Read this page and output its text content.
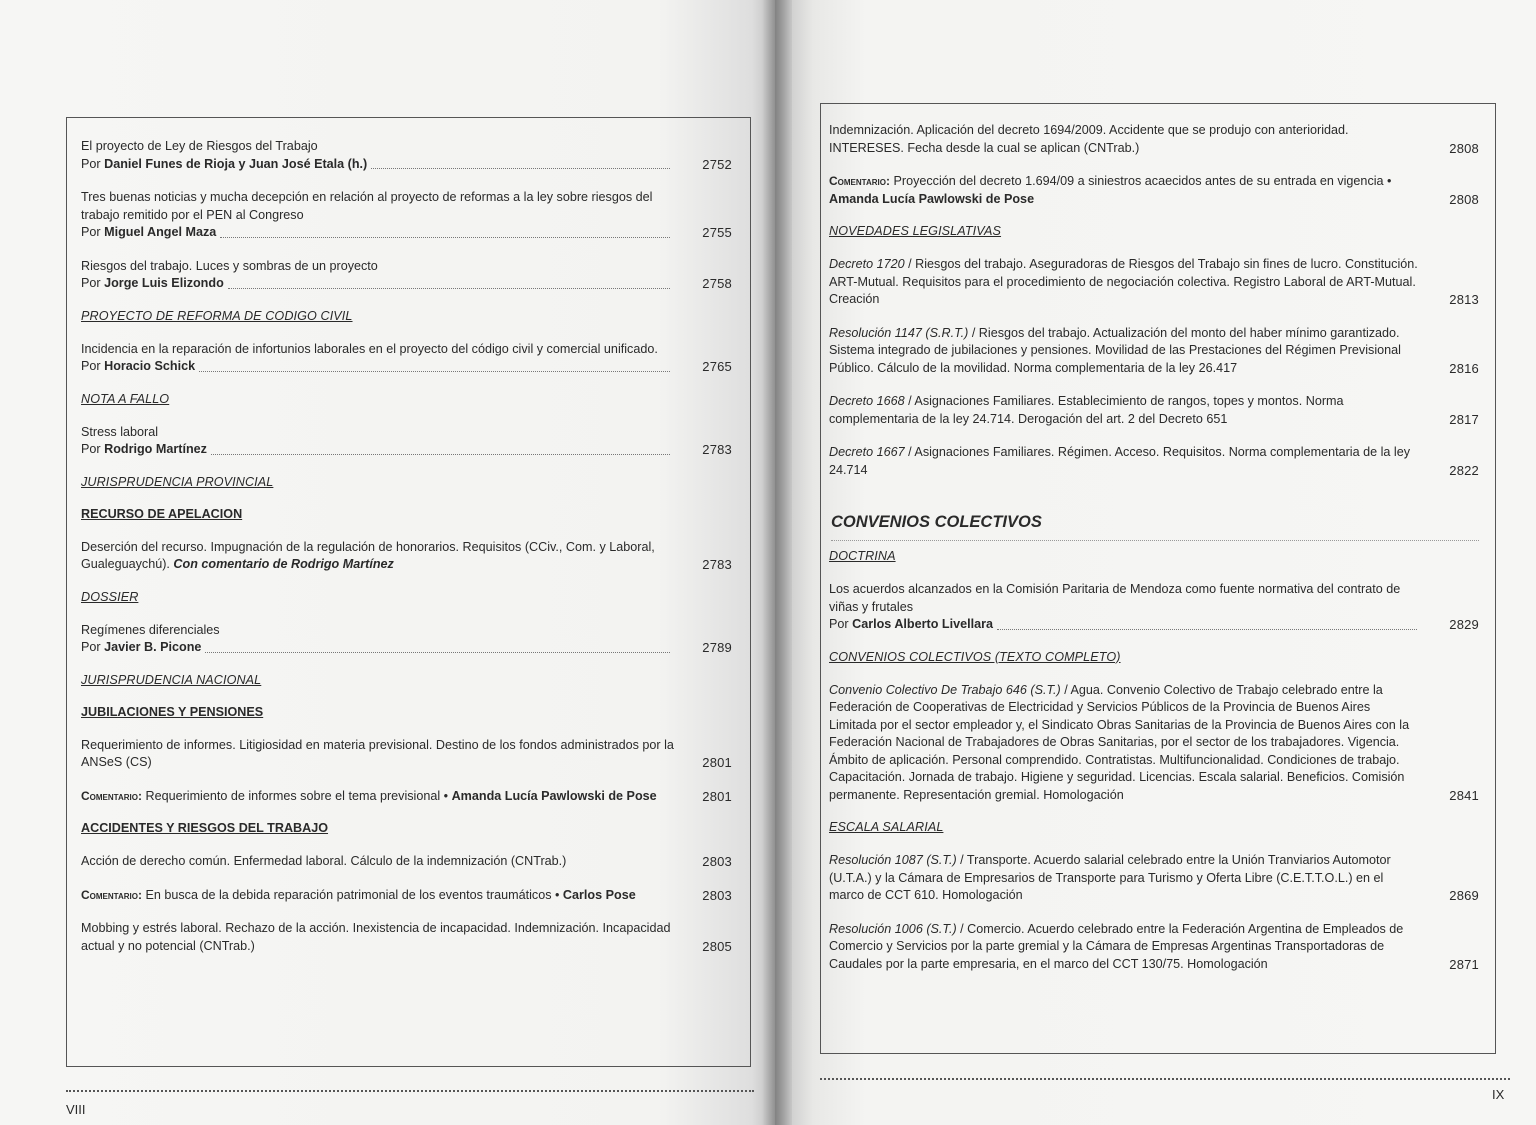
El proyecto de Ley de Riesgos del Trabajo
Por
Daniel Funes de Rioja y Juan José Etala (h.)	2752
Tres buenas noticias y mucha decepción en relación al proyecto de reformas a la ley sobre riesgos del trabajo remitido por el PEN al Congreso
Por
Miguel Angel Maza	2755
Riesgos del trabajo. Luces y sombras de un proyecto
Por
Jorge Luis Elizondo	2758
PROYECTO DE REFORMA DE CODIGO CIVIL
Incidencia en la reparación de infortunios laborales en el proyecto del código civil y comercial unificado.
Por
Horacio Schick	2765
NOTA A FALLO
Stress laboral
Por
Rodrigo Martínez	2783
JURISPRUDENCIA PROVINCIAL
RECURSO DE APELACION
Deserción del recurso. Impugnación de la regulación de honorarios. Requisitos (CCiv., Com. y Laboral, Gualeguaychú). Con comentario de Rodrigo Martínez	2783
DOSSIER
Regímenes diferenciales
Por
Javier B. Picone	2789
JURISPRUDENCIA NACIONAL
JUBILACIONES Y PENSIONES
Requerimiento de informes. Litigiosidad en materia previsional. Destino de los fondos administrados por la ANSeS (CS)	2801
Comentario: Requerimiento de informes sobre el tema previsional • Amanda Lucía Pawlowski de Pose	2801
ACCIDENTES Y RIESGOS DEL TRABAJO
Acción de derecho común. Enfermedad laboral. Cálculo de la indemnización (CNTrab.)	2803
Comentario: En busca de la debida reparación patrimonial de los eventos traumáticos • Carlos Pose	2803
Mobbing y estrés laboral. Rechazo de la acción. Inexistencia de incapacidad. Indemnización. Incapacidad actual y no potencial (CNTrab.)	2805
VIII
Indemnización. Aplicación del decreto 1694/2009. Accidente que se produjo con anterioridad. INTERESES. Fecha desde la cual se aplican (CNTrab.)	2808
Comentario: Proyección del decreto 1.694/09 a siniestros acaecidos antes de su entrada en vigencia • Amanda Lucía Pawlowski de Pose	2808
NOVEDADES LEGISLATIVAS
Decreto 1720 / Riesgos del trabajo. Aseguradoras de Riesgos del Trabajo sin fines de lucro. Constitución. ART-Mutual. Requisitos para el procedimiento de negociación colectiva. Registro Laboral de ART-Mutual. Creación	2813
Resolución 1147 (S.R.T.) / Riesgos del trabajo. Actualización del monto del haber mínimo garantizado. Sistema integrado de jubilaciones y pensiones. Movilidad de las Prestaciones del Régimen Previsional Público. Cálculo de la movilidad. Norma complementaria de la ley 26.417	2816
Decreto 1668 / Asignaciones Familiares. Establecimiento de rangos, topes y montos. Norma complementaria de la ley 24.714. Derogación del art. 2 del Decreto 651	2817
Decreto 1667 / Asignaciones Familiares. Régimen. Acceso. Requisitos. Norma complementaria de la ley 24.714	2822
CONVENIOS COLECTIVOS
DOCTRINA
Los acuerdos alcanzados en la Comisión Paritaria de Mendoza como fuente normativa del contrato de viñas y frutales
Por
Carlos Alberto Livellara	2829
CONVENIOS COLECTIVOS (TEXTO COMPLETO)
Convenio Colectivo De Trabajo 646 (S.T.) / Agua. Convenio Colectivo de Trabajo celebrado entre la Federación de Cooperativas de Electricidad y Servicios Públicos de la Provincia de Buenos Aires Limitada por el sector empleador y, el Sindicato Obras Sanitarias de la Provincia de Buenos Aires con la Federación Nacional de Trabajadores de Obras Sanitarias, por el sector de los trabajadores. Vigencia. Ámbito de aplicación. Personal comprendido. Contratistas. Multifuncionalidad. Condiciones de trabajo. Capacitación. Jornada de trabajo. Higiene y seguridad. Licencias. Escala salarial. Beneficios. Comisión permanente. Representación gremial. Homologación	2841
ESCALA SALARIAL
Resolución 1087 (S.T.) / Transporte. Acuerdo salarial celebrado entre la Unión Tranviarios Automotor (U.T.A.) y la Cámara de Empresarios de Transporte para Turismo y Oferta Libre (C.E.T.T.O.L.) en el marco de CCT 610. Homologación	2869
Resolución 1006 (S.T.) / Comercio. Acuerdo celebrado entre la Federación Argentina de Empleados de Comercio y Servicios por la parte gremial y la Cámara de Empresas Argentinas Transportadoras de Caudales por la parte empresaria, en el marco del CCT 130/75. Homologación	2871
IX
